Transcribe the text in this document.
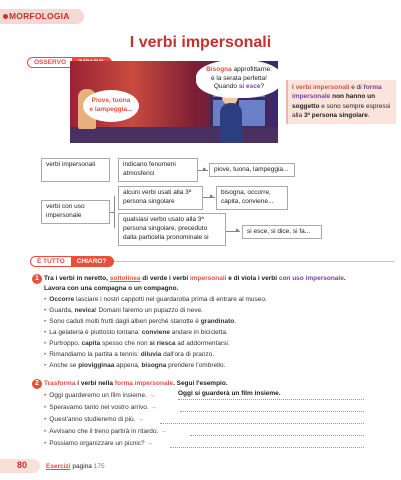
MORFOLOGIA
I verbi impersonali
OSSERVO
Piove, tuona
e lampeggia...
Bisogna approfittarne:
è la serata perfetta!
Quando si esce?	I verbi impersonali e di forma impersonale non hanno un soggetto e sono sempre espressi alla 3ª persona singolare.
verbi impersonali	indicano fenomeni atmosferici
▸	piove, tuona, lampeggia...
verbi con uso impersonale
alcuni verbi usati alla 3ª persona singolare
▸
bisogna, occorre, capita, conviene...
qualsiasi verbo usato alla 3ª persona singolare, preceduto dalla particella pronominale si
▸	si esce, si dice, si fa...
È TUTTO	CHIARO?
1 Tra i verbi in neretto, sottolinea di verde i verbi impersonali e di viola i verbi con uso impersonale.
Lavora con una compagna o un compagno.
• Occorre lasciare i nostri cappotti nel guardaroba prima di entrare al museo.
• Guarda, nevica! Domani faremo un pupazzo di neve.
• Sono caduti molti frutti dagli alberi perché stanotte è grandinato.
• La gelateria è piuttosto lontana: conviene andare in bicicletta.
• Purtroppo, capita spesso che non si riesca ad addormentarsi.
• Rimandiamo la partita a tennis: diluvia dall'ora di pranzo.
• Anche se piovigginaa appena, bisogna prendere l'ombrello.
2 Trasforma i verbi nella forma impersonale. Segui l'esempio.
• Oggi guarderemo un film insieme. →	Oggi si guarderà un film insieme.
• Speravamo tanto nel vostro arrivo. →
• Quest'anno studieremo di più. →
• Avvisano che il treno partirà in ritardo. →
• Possiamo organizzare un picnic? →
80	Esercizi pagina 175
